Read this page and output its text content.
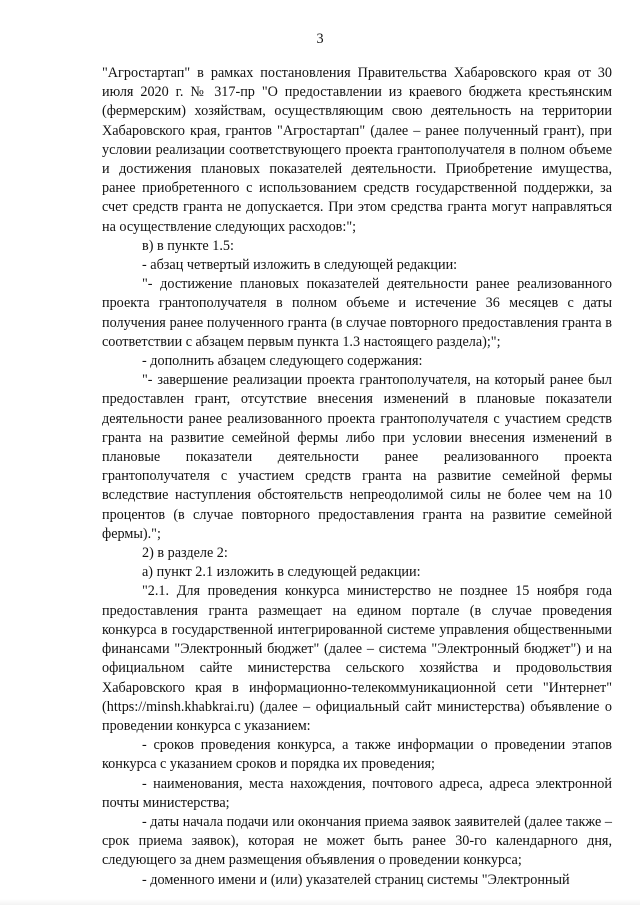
3

"Агростартап" в рамках постановления Правительства Хабаровского края от 30 июля 2020 г. № 317-пр "О предоставлении из краевого бюджета крестьянским (фермерским) хозяйствам, осуществляющим свою деятельность на территории Хабаровского края, грантов "Агростартап" (далее – ранее полученный грант), при условии реализации соответствующего проекта грантополучателя в полном объеме и достижения плановых показателей деятельности. Приобретение имущества, ранее приобретенного с использованием средств государственной поддержки, за счет средств гранта не допускается. При этом средства гранта могут направляться на осуществление следующих расходов:";

в) в пункте 1.5:

- абзац четвертый изложить в следующей редакции:

"- достижение плановых показателей деятельности ранее реализованного проекта грантополучателя в полном объеме и истечение 36 месяцев с даты получения ранее полученного гранта (в случае повторного предоставления гранта в соответствии с абзацем первым пункта 1.3 настоящего раздела);";

- дополнить абзацем следующего содержания:

"- завершение реализации проекта грантополучателя, на который ранее был предоставлен грант, отсутствие внесения изменений в плановые показатели деятельности ранее реализованного проекта грантополучателя с участием средств гранта на развитие семейной фермы либо при условии внесения изменений в плановые показатели деятельности ранее реализованного проекта грантополучателя с участием средств гранта на развитие семейной фермы вследствие наступления обстоятельств непреодолимой силы не более чем на 10 процентов (в случае повторного предоставления гранта на развитие семейной фермы).";

2) в разделе 2:

а) пункт 2.1 изложить в следующей редакции:

"2.1. Для проведения конкурса министерство не позднее 15 ноября года предоставления гранта размещает на едином портале (в случае проведения конкурса в государственной интегрированной системе управления общественными финансами "Электронный бюджет" (далее – система "Электронный бюджет") и на официальном сайте министерства сельского хозяйства и продовольствия Хабаровского края в информационно-телекоммуникационной сети "Интернет" (https://minsh.khabkrai.ru) (далее – официальный сайт министерства) объявление о проведении конкурса с указанием:

- сроков проведения конкурса, а также информации о проведении этапов конкурса с указанием сроков и порядка их проведения;

- наименования, места нахождения, почтового адреса, адреса электронной почты министерства;

- даты начала подачи или окончания приема заявок заявителей (далее также – срок приема заявок), которая не может быть ранее 30-го календарного дня, следующего за днем размещения объявления о проведении конкурса;

- доменного имени и (или) указателей страниц системы "Электронный
